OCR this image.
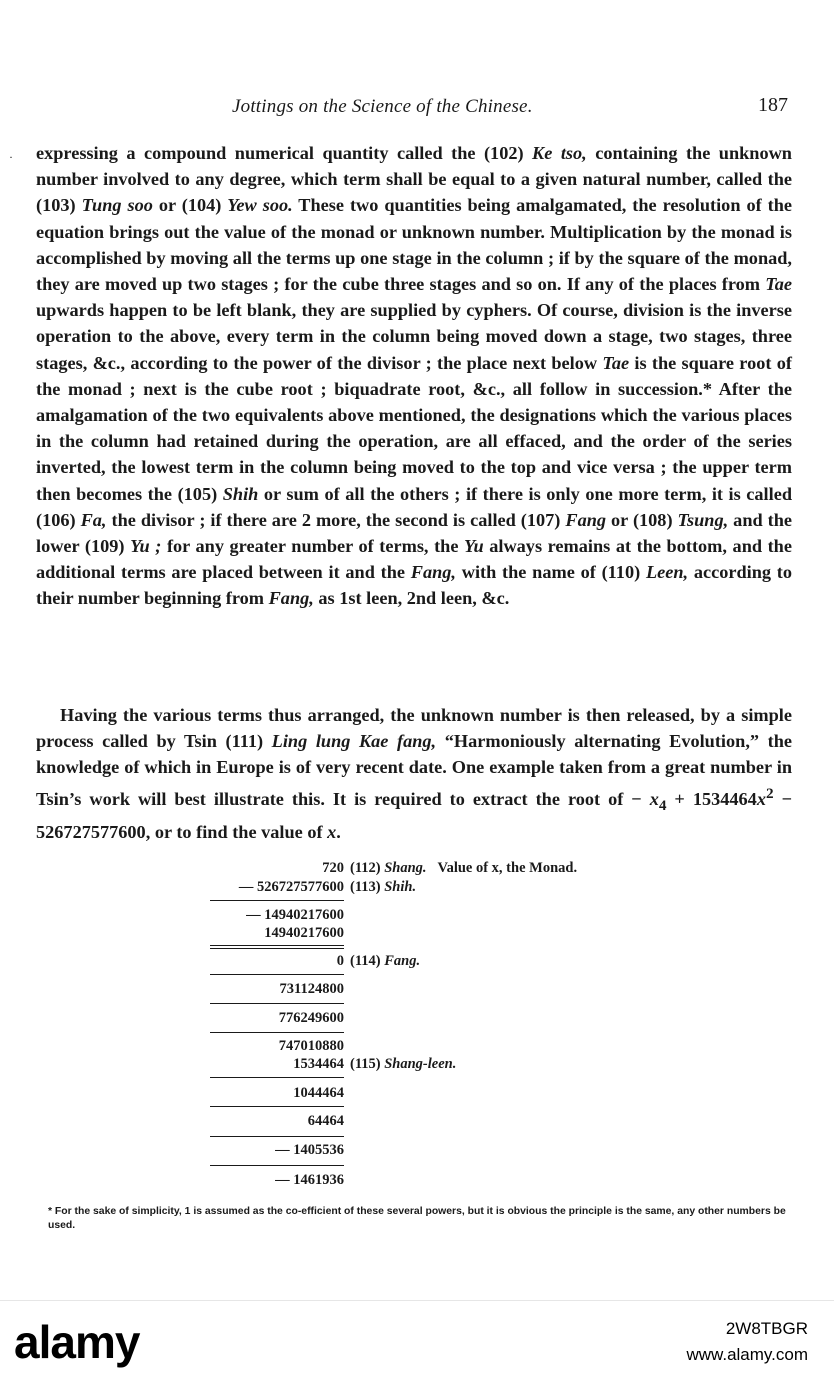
·
Jottings on the Science of the Chinese.	187

expressing a compound numerical quantity called the (102) Ke tso, containing the unknown number involved to any degree, which term shall be equal to a given natural number, called the (103) Tung soo or (104) Yew soo. These two quantities being amalgamated, the resolution of the equation brings out the value of the monad or unknown number. Multiplication by the monad is accomplished by moving all the terms up one stage in the column ; if by the square of the monad, they are moved up two stages ; for the cube three stages and so on. If any of the places from Tae upwards happen to be left blank, they are supplied by cyphers. Of course, division is the inverse operation to the above, every term in the column being moved down a stage, two stages, three stages, &c., according to the power of the divisor ; the place next below Tae is the square root of the monad ; next is the cube root ; biquadrate root, &c., all follow in succession.* After the amalgamation of the two equivalents above mentioned, the designations which the various places in the column had retained during the operation, are all effaced, and the order of the series inverted, the lowest term in the column being moved to the top and vice versa ; the upper term then becomes the (105) Shih or sum of all the others ; if there is only one more term, it is called (106) Fa, the divisor ; if there are 2 more, the second is called (107) Fang or (108) Tsung, and the lower (109) Yu ; for any greater number of terms, the Yu always remains at the bottom, and the additional terms are placed between it and the Fang, with the name of (110) Leen, according to their number beginning from Fang, as 1st leen, 2nd leen, &c.

Having the various terms thus arranged, the unknown number is then released, by a simple process called by Tsin (111) Ling lung Kae fang, “Harmoniously alternating Evolution,” the knowledge of which in Europe is of very recent date. One example taken from a great number in Tsin’s work will best illustrate this. It is required to extract the root of − $x_4 + 1534464x^2 - 526727577600$, or to find the value of x.

720 (112) Shang. Value of x, the Monad.
— 526727577600 (113) Shih.
— 14940217600
14940217600
0 (114) Fang.
731124800
776249600
747010880
1534464 (115) Shang-leen.
1044464
64464
— 1405536
— 1461936

* For the sake of simplicity, 1 is assumed as the co-efficient of these several powers, but it is obvious the principle is the same, any other numbers be used.

alamy	2W8TBGR
www.alamy.com
